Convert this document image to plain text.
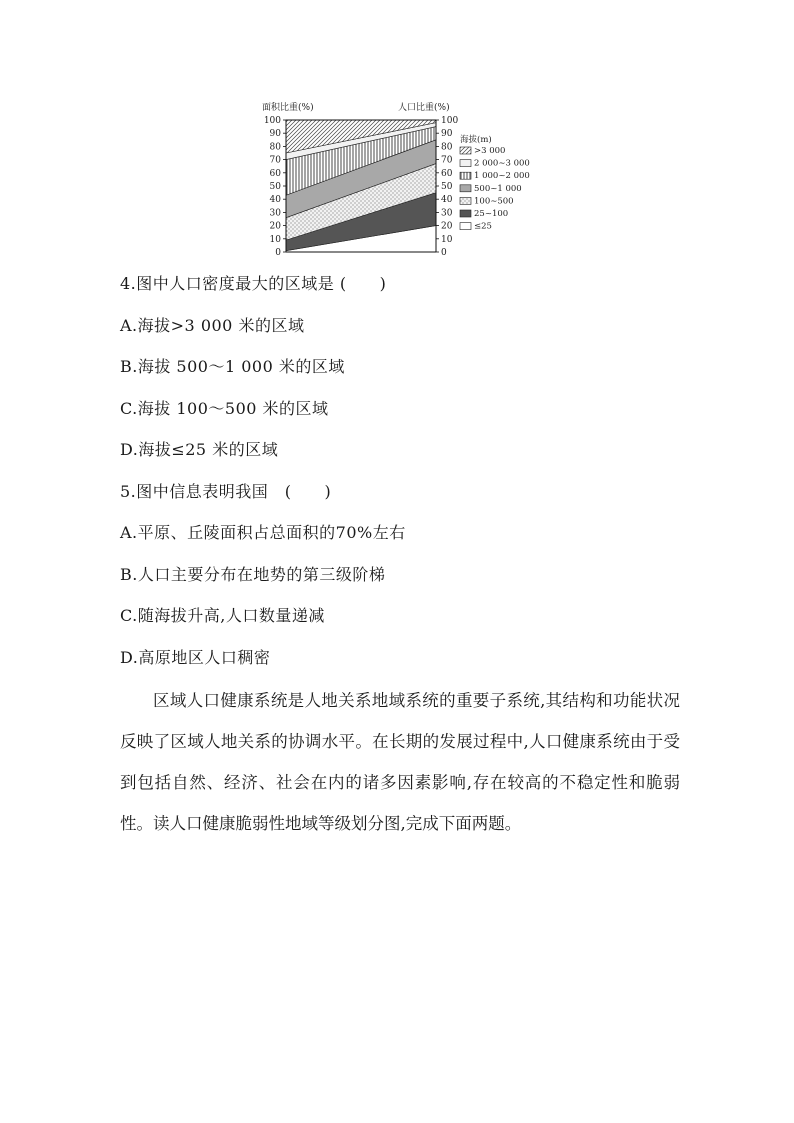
面积比重(%)	人口比重(%)
0	0
10	10
20	20
30	30
40	40
50	50
60	60
70	70
80	80
90	90
100	100
海拔(m)
>3 000
2 000~3 000
1 000~2 000
500~1 000
100~500
25~100
≤25
4.图中人口密度最大的区域是 (　　)
A.海拔>3 000 米的区域
B.海拔 500～1 000 米的区域
C.海拔 100～500 米的区域
D.海拔≤25 米的区域
5.图中信息表明我国　(　　)
A.平原、丘陵面积占总面积的70%左右
B.人口主要分布在地势的第三级阶梯
C.随海拔升高,人口数量递减
D.高原地区人口稠密

区域人口健康系统是人地关系地域系统的重要子系统,其结构和功能状况反映了区域人地关系的协调水平。在长期的发展过程中,人口健康系统由于受到包括自然、经济、社会在内的诸多因素影响,存在较高的不稳定性和脆弱性。读人口健康脆弱性地域等级划分图,完成下面两题。
